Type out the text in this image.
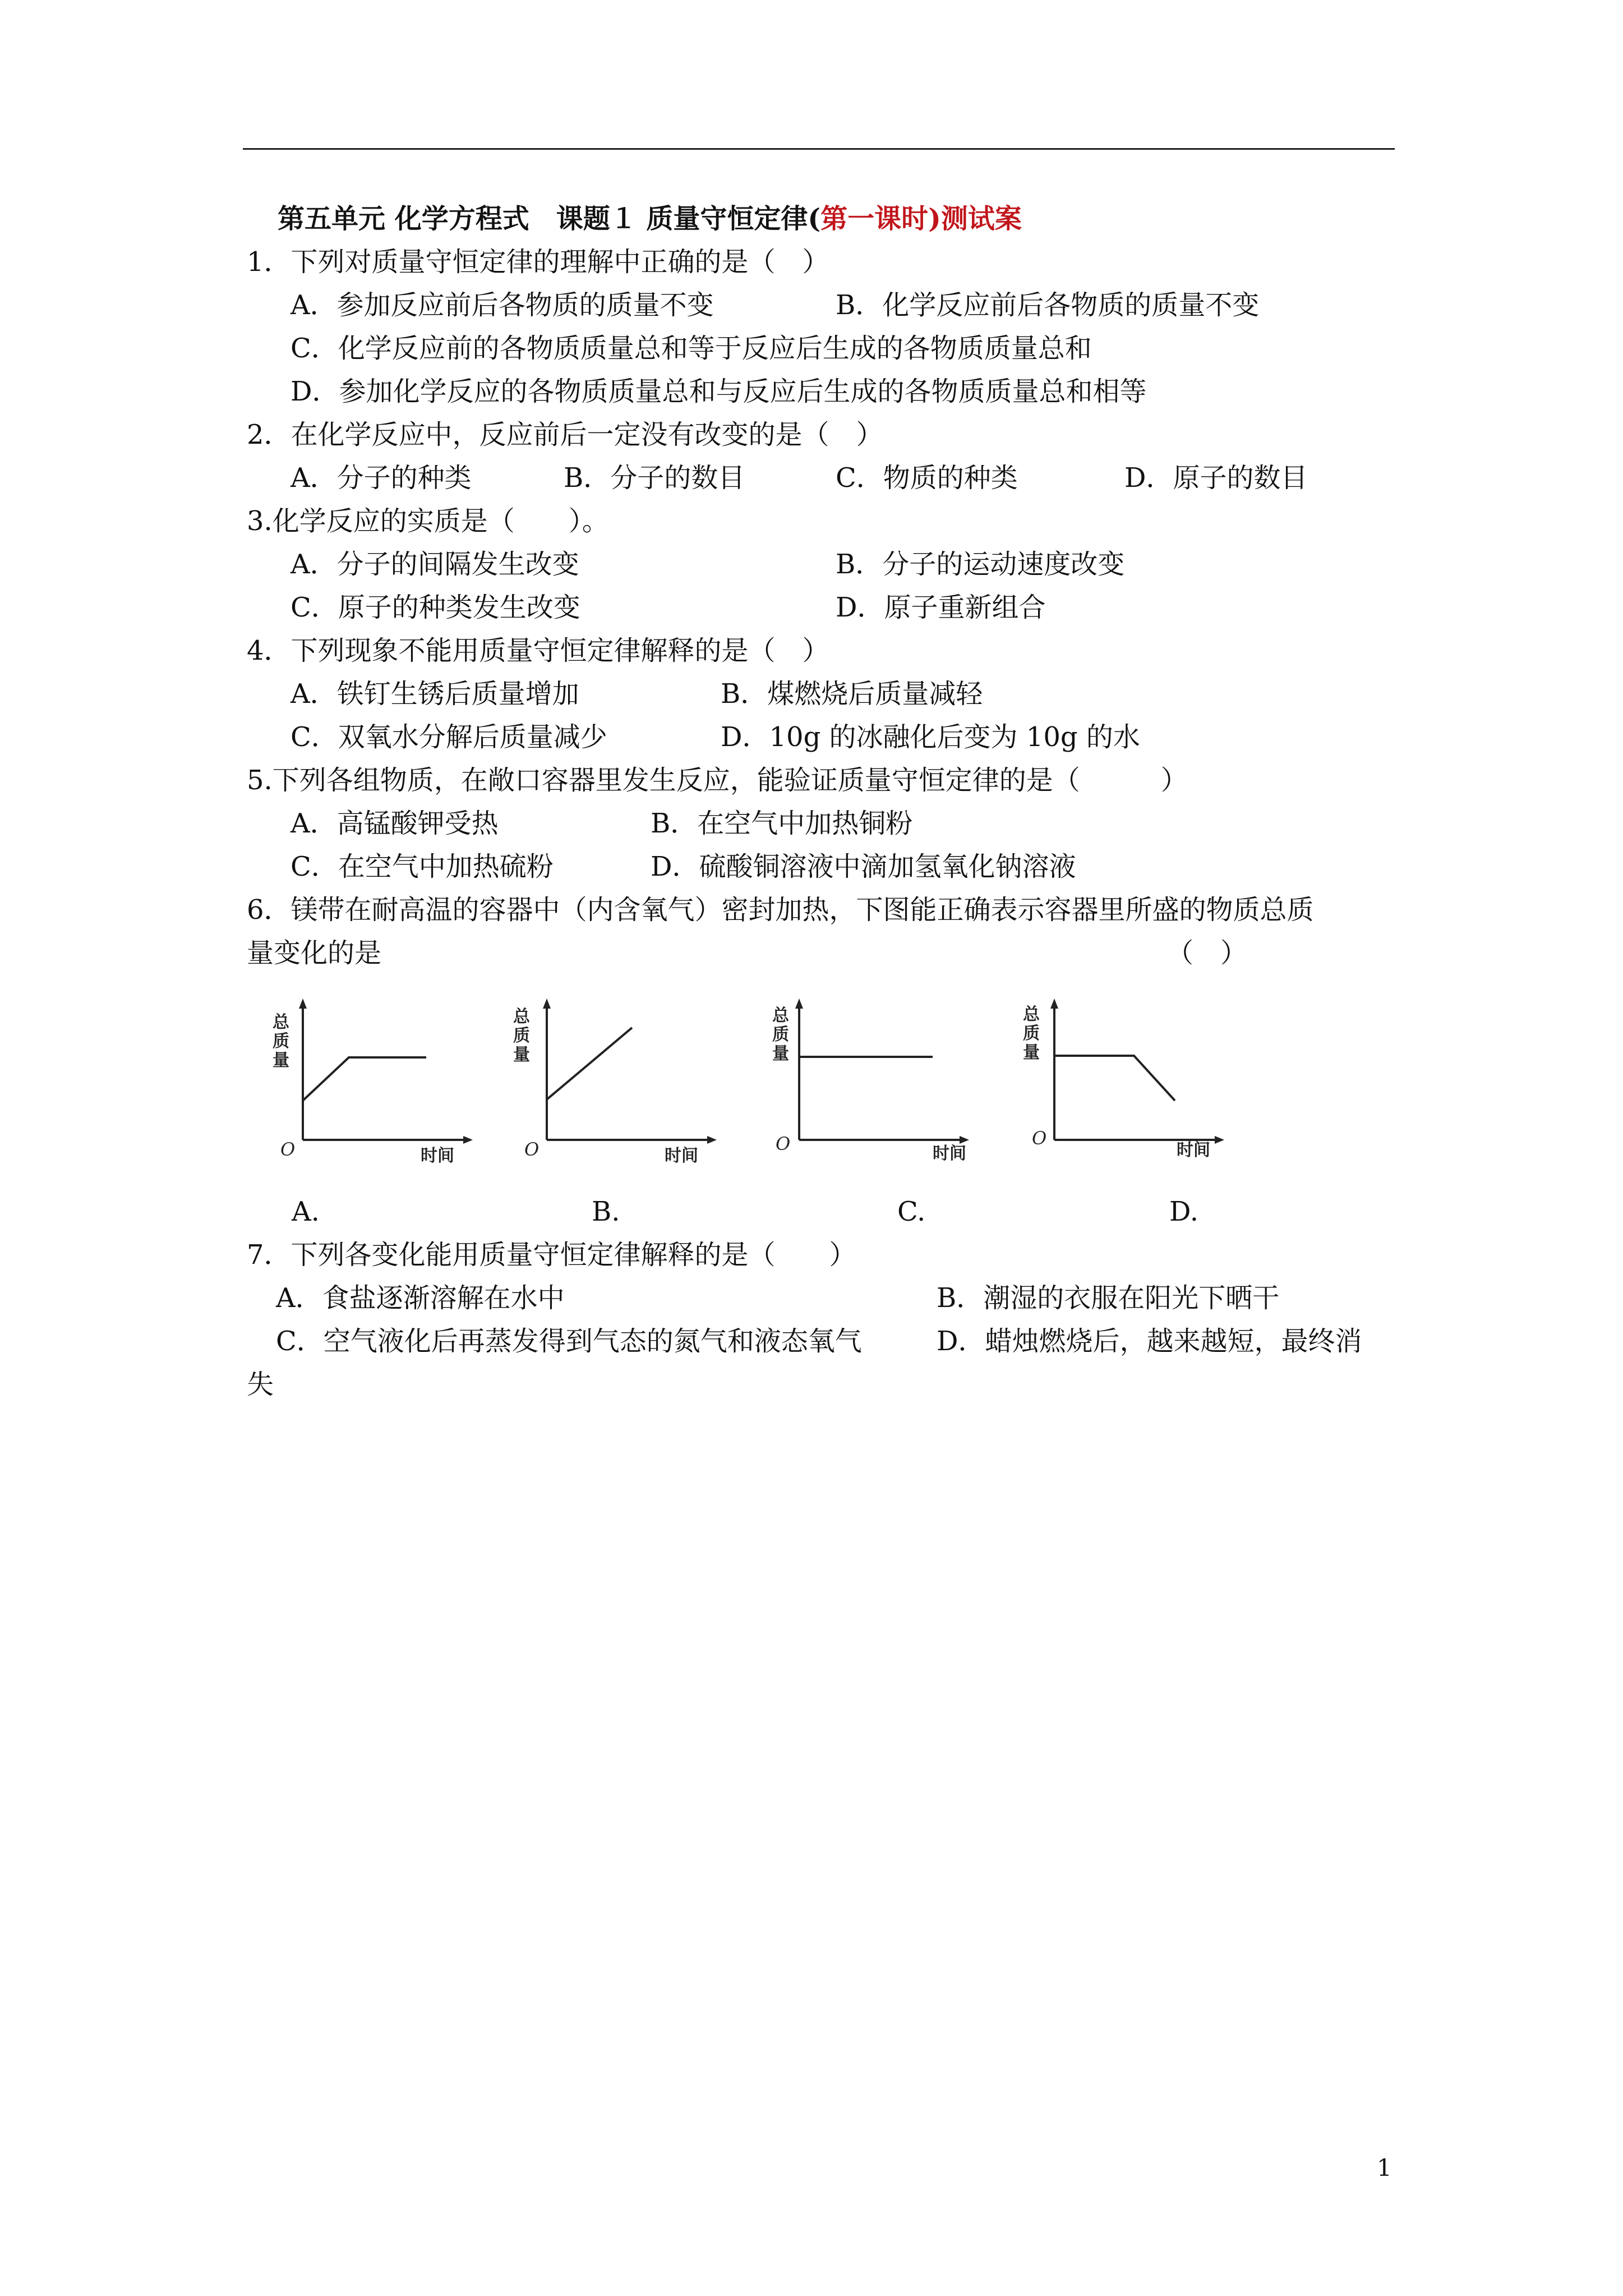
第五单元 化学方程式　课题１ 质量守恒定律(第一课时)测试案
1．下列对质量守恒定律的理解中正确的是（　）
A．参加反应前后各物质的质量不变	B．化学反应前后各物质的质量不变
C．化学反应前的各物质质量总和等于反应后生成的各物质质量总和
D．参加化学反应的各物质质量总和与反应后生成的各物质质量总和相等
2．在化学反应中，反应前后一定没有改变的是（　）
A．分子的种类	B．分子的数目	C．物质的种类	D．原子的数目
3.化学反应的实质是（　　）。
A．分子的间隔发生改变	B．分子的运动速度改变
C．原子的种类发生改变	D．原子重新组合
4．下列现象不能用质量守恒定律解释的是（　）
A．铁钉生锈后质量增加	B．煤燃烧后质量减轻
C．双氧水分解后质量减少	D．10g 的冰融化后变为 10g 的水
5.下列各组物质，在敞口容器里发生反应，能验证质量守恒定律的是（　　　）
A．高锰酸钾受热	B．在空气中加热铜粉
C．在空气中加热硫粉	D．硫酸铜溶液中滴加氢氧化钠溶液
6．镁带在耐高温的容器中（内含氧气）密封加热，下图能正确表示容器里所盛的物质总质
量变化的是	（　）
总
质
量
O	时间
总
质
量
O	时间
总
质
量
O	时间
总
质
量
O
时间
A.	B.	C.	D.
7．下列各变化能用质量守恒定律解释的是（　　）
A．食盐逐渐溶解在水中	B．潮湿的衣服在阳光下晒干
C．空气液化后再蒸发得到气态的氮气和液态氧气	D．蜡烛燃烧后，越来越短，最终消
失
1
